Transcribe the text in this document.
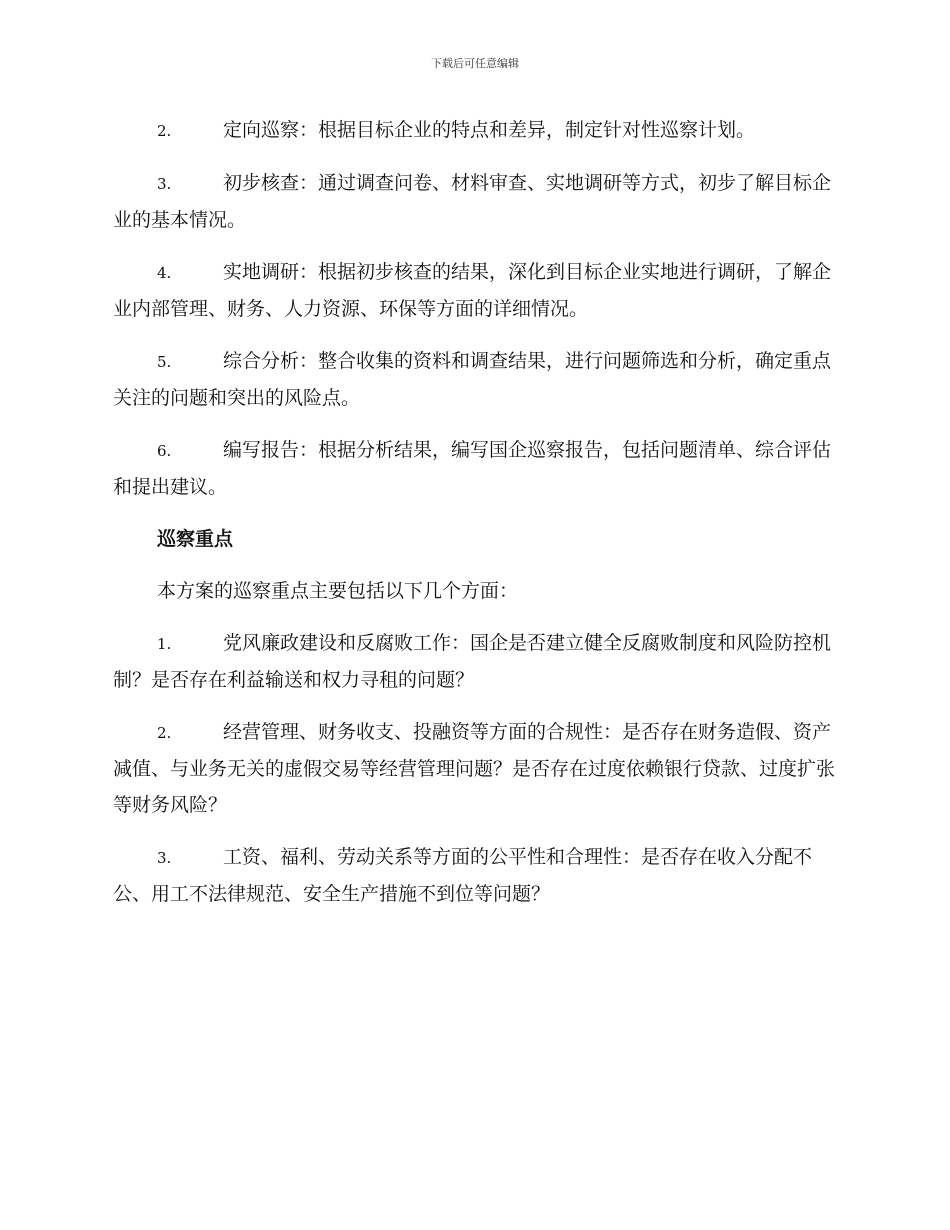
下载后可任意编辑

2.	定向巡察：根据目标企业的特点和差异，制定针对性巡察计划。

3.	初步核查：通过调查问卷、材料审查、实地调研等方式，初步了解目标企业的基本情况。

4.	实地调研：根据初步核查的结果，深化到目标企业实地进行调研，了解企业内部管理、财务、人力资源、环保等方面的详细情况。

5.	综合分析：整合收集的资料和调查结果，进行问题筛选和分析，确定重点关注的问题和突出的风险点。

6.	编写报告：根据分析结果，编写国企巡察报告，包括问题清单、综合评估和提出建议。

巡察重点

本方案的巡察重点主要包括以下几个方面：

1.	党风廉政建设和反腐败工作：国企是否建立健全反腐败制度和风险防控机制？是否存在利益输送和权力寻租的问题？

2.	经营管理、财务收支、投融资等方面的合规性：是否存在财务造假、资产减值、与业务无关的虚假交易等经营管理问题？是否存在过度依赖银行贷款、过度扩张等财务风险？

3.	工资、福利、劳动关系等方面的公平性和合理性：是否存在收入分配不公、用工不法律规范、安全生产措施不到位等问题？
